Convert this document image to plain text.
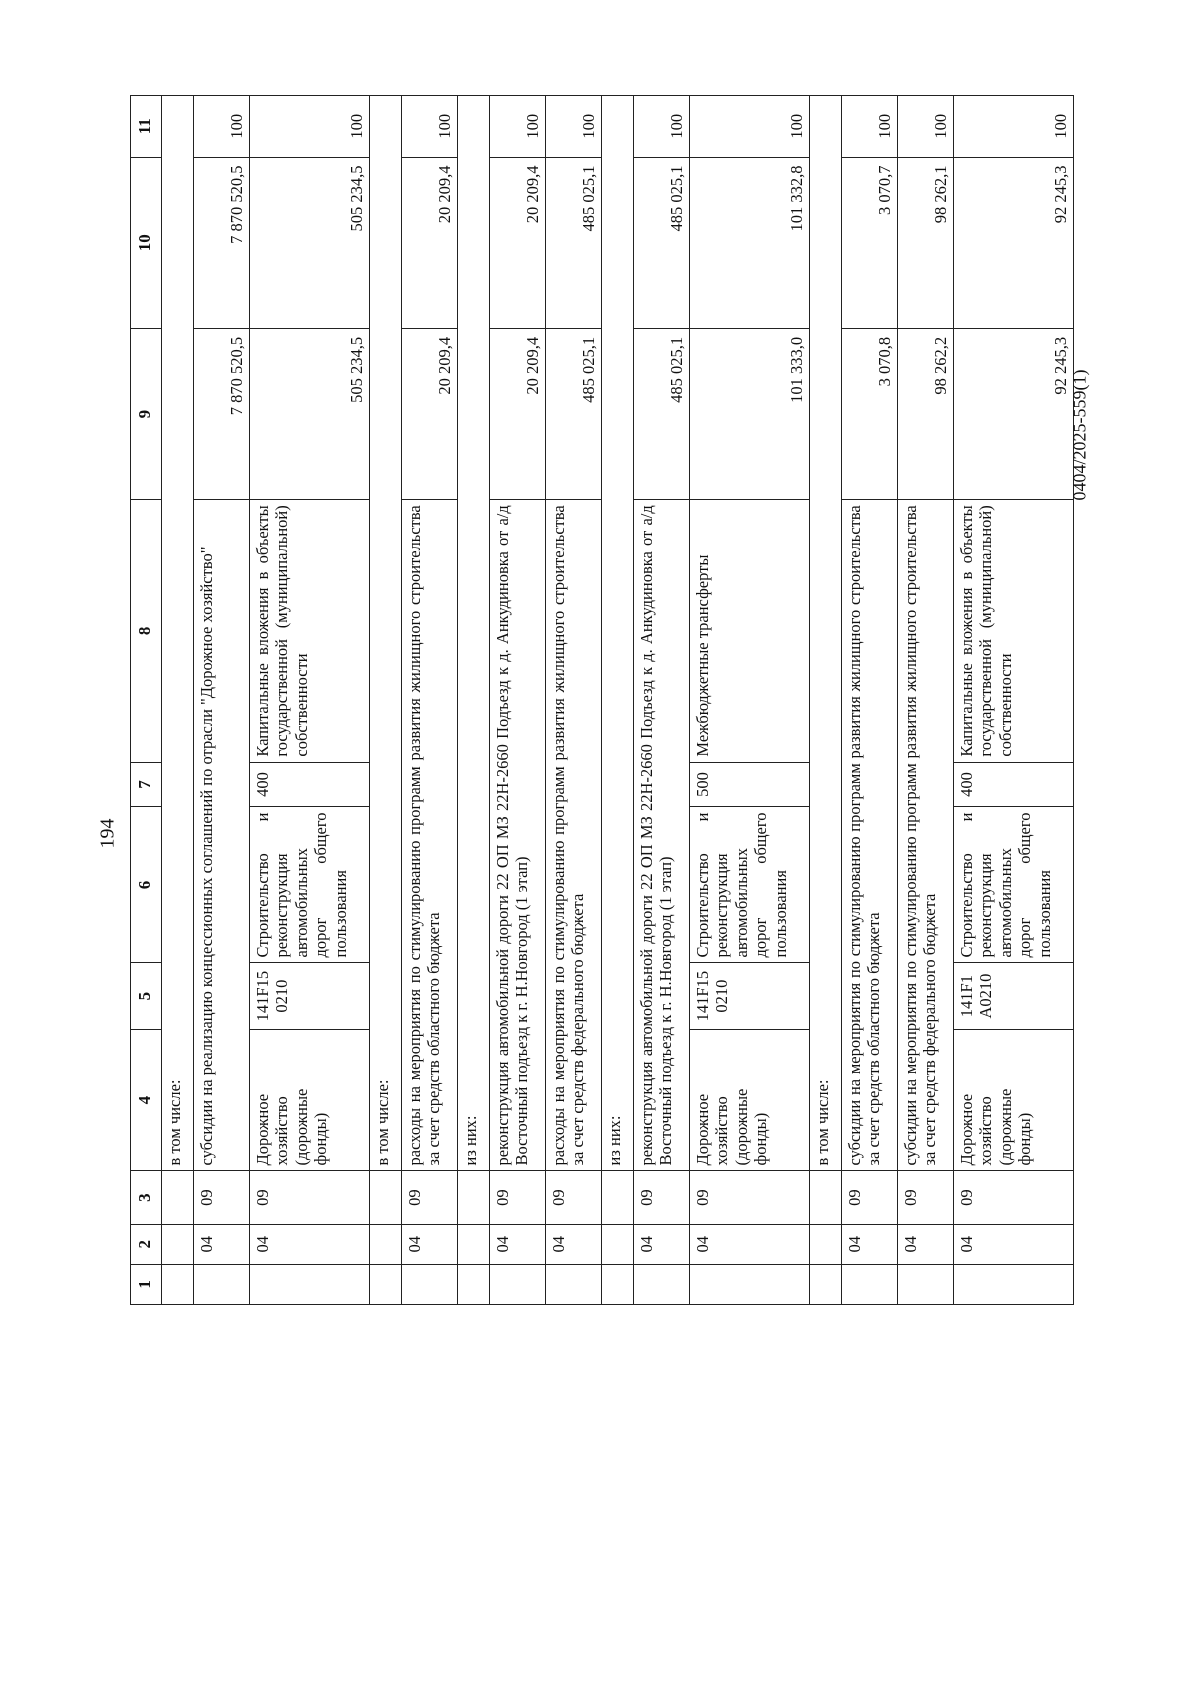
194
1	2	3	4	5	6	7	8	9	10	11
			в том числе:							
	04	09	субсидии на реализацию концессионных соглашений по отрасли "Дорожное хозяйство"					7 870 520,5	7 870 520,5	100
	04	09	Дорожное хозяйство (дорожные фонды)	141F15 0210	Строительство и реконструкция автомобильных дорог общего пользования	400	Капитальные вложения в объекты государственной (муниципальной) собственности	505 234,5	505 234,5	100
			в том числе:							
	04	09	расходы на мероприятия по стимулированию программ развития жилищного строительства за счет средств областного бюджета					20 209,4	20 209,4	100
			из них:							
	04	09	реконструкция автомобильной дороги 22 ОП МЗ 22Н-2660 Подъезд к д. Анкудиновка от а/д Восточный подъезд к г. Н.Новгород (1 этап)					20 209,4	20 209,4	100
	04	09	расходы на мероприятия по стимулированию программ развития жилищного строительства за счет средств федерального бюджета					485 025,1	485 025,1	100
			из них:							
	04	09	реконструкция автомобильной дороги 22 ОП МЗ 22Н-2660 Подъезд к д. Анкудиновка от а/д Восточный подъезд к г. Н.Новгород (1 этап)					485 025,1	485 025,1	100
	04	09	Дорожное хозяйство (дорожные фонды)	141F15 0210	Строительство и реконструкция автомобильных дорог общего пользования	500	Межбюджетные трансферты	101 333,0	101 332,8	100
			в том числе:							
	04	09	субсидии на мероприятия по стимулированию программ развития жилищного строительства за счет средств областного бюджета					3 070,8	3 070,7	100
	04	09	субсидии на мероприятия по стимулированию программ развития жилищного строительства за счет средств федерального бюджета					98 262,2	98 262,1	100
	04	09	Дорожное хозяйство (дорожные фонды)	141F1 A0210	Строительство и реконструкция автомобильных дорог общего пользования	400	Капитальные вложения в объекты государственной (муниципальной) собственности	92 245,3	92 245,3	100
0404/2025-559(1)
